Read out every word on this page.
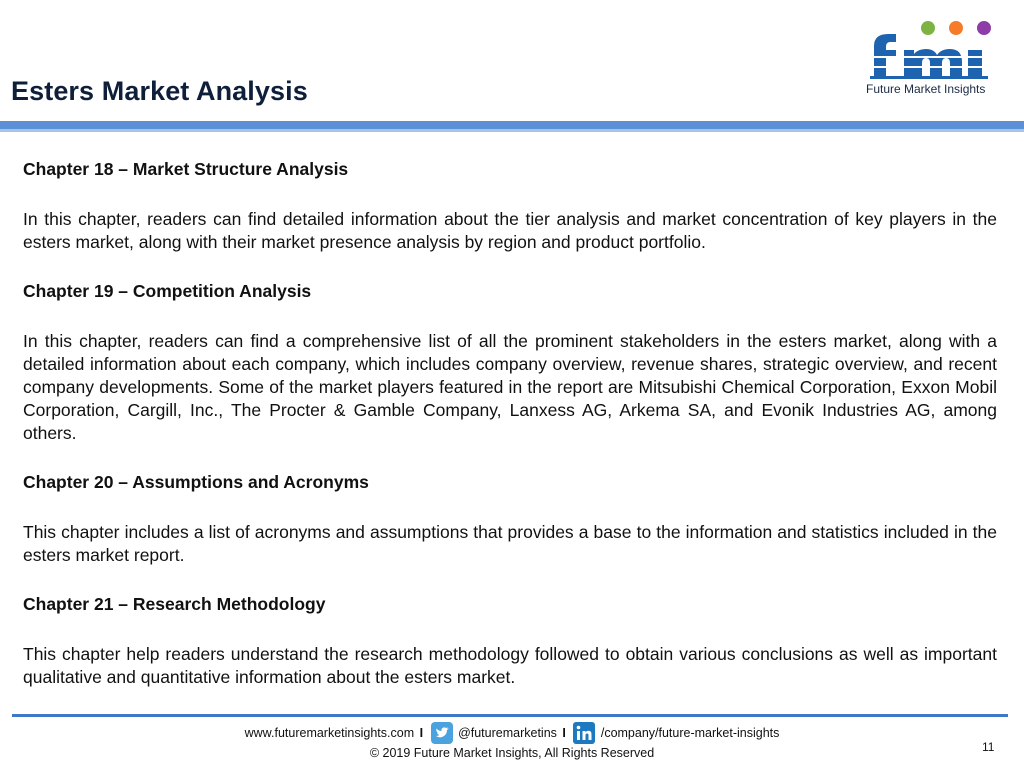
Esters Market Analysis	Future Market Insights
Chapter 18 – Market Structure Analysis

In this chapter, readers can find detailed information about the tier analysis and market concentration of key players in the esters market, along with their market presence analysis by region and product portfolio.

Chapter 19 – Competition Analysis

In this chapter, readers can find a comprehensive list of all the prominent stakeholders in the esters market, along with a detailed information about each company, which includes company overview, revenue shares, strategic overview, and recent company developments. Some of the market players featured in the report are Mitsubishi Chemical Corporation, Exxon Mobil Corporation, Cargill, Inc., The Procter & Gamble Company, Lanxess AG, Arkema SA, and Evonik Industries AG, among others.

Chapter 20 – Assumptions and Acronyms

This chapter includes a list of acronyms and assumptions that provides a base to the information and statistics included in the esters market report.

Chapter 21 – Research Methodology

This chapter help readers understand the research methodology followed to obtain various conclusions as well as important qualitative and quantitative information about the esters market.

www.futuremarketinsights.com I	@futuremarketins I	/company/future-market-insights
© 2019 Future Market Insights, All Rights Reserved	11
